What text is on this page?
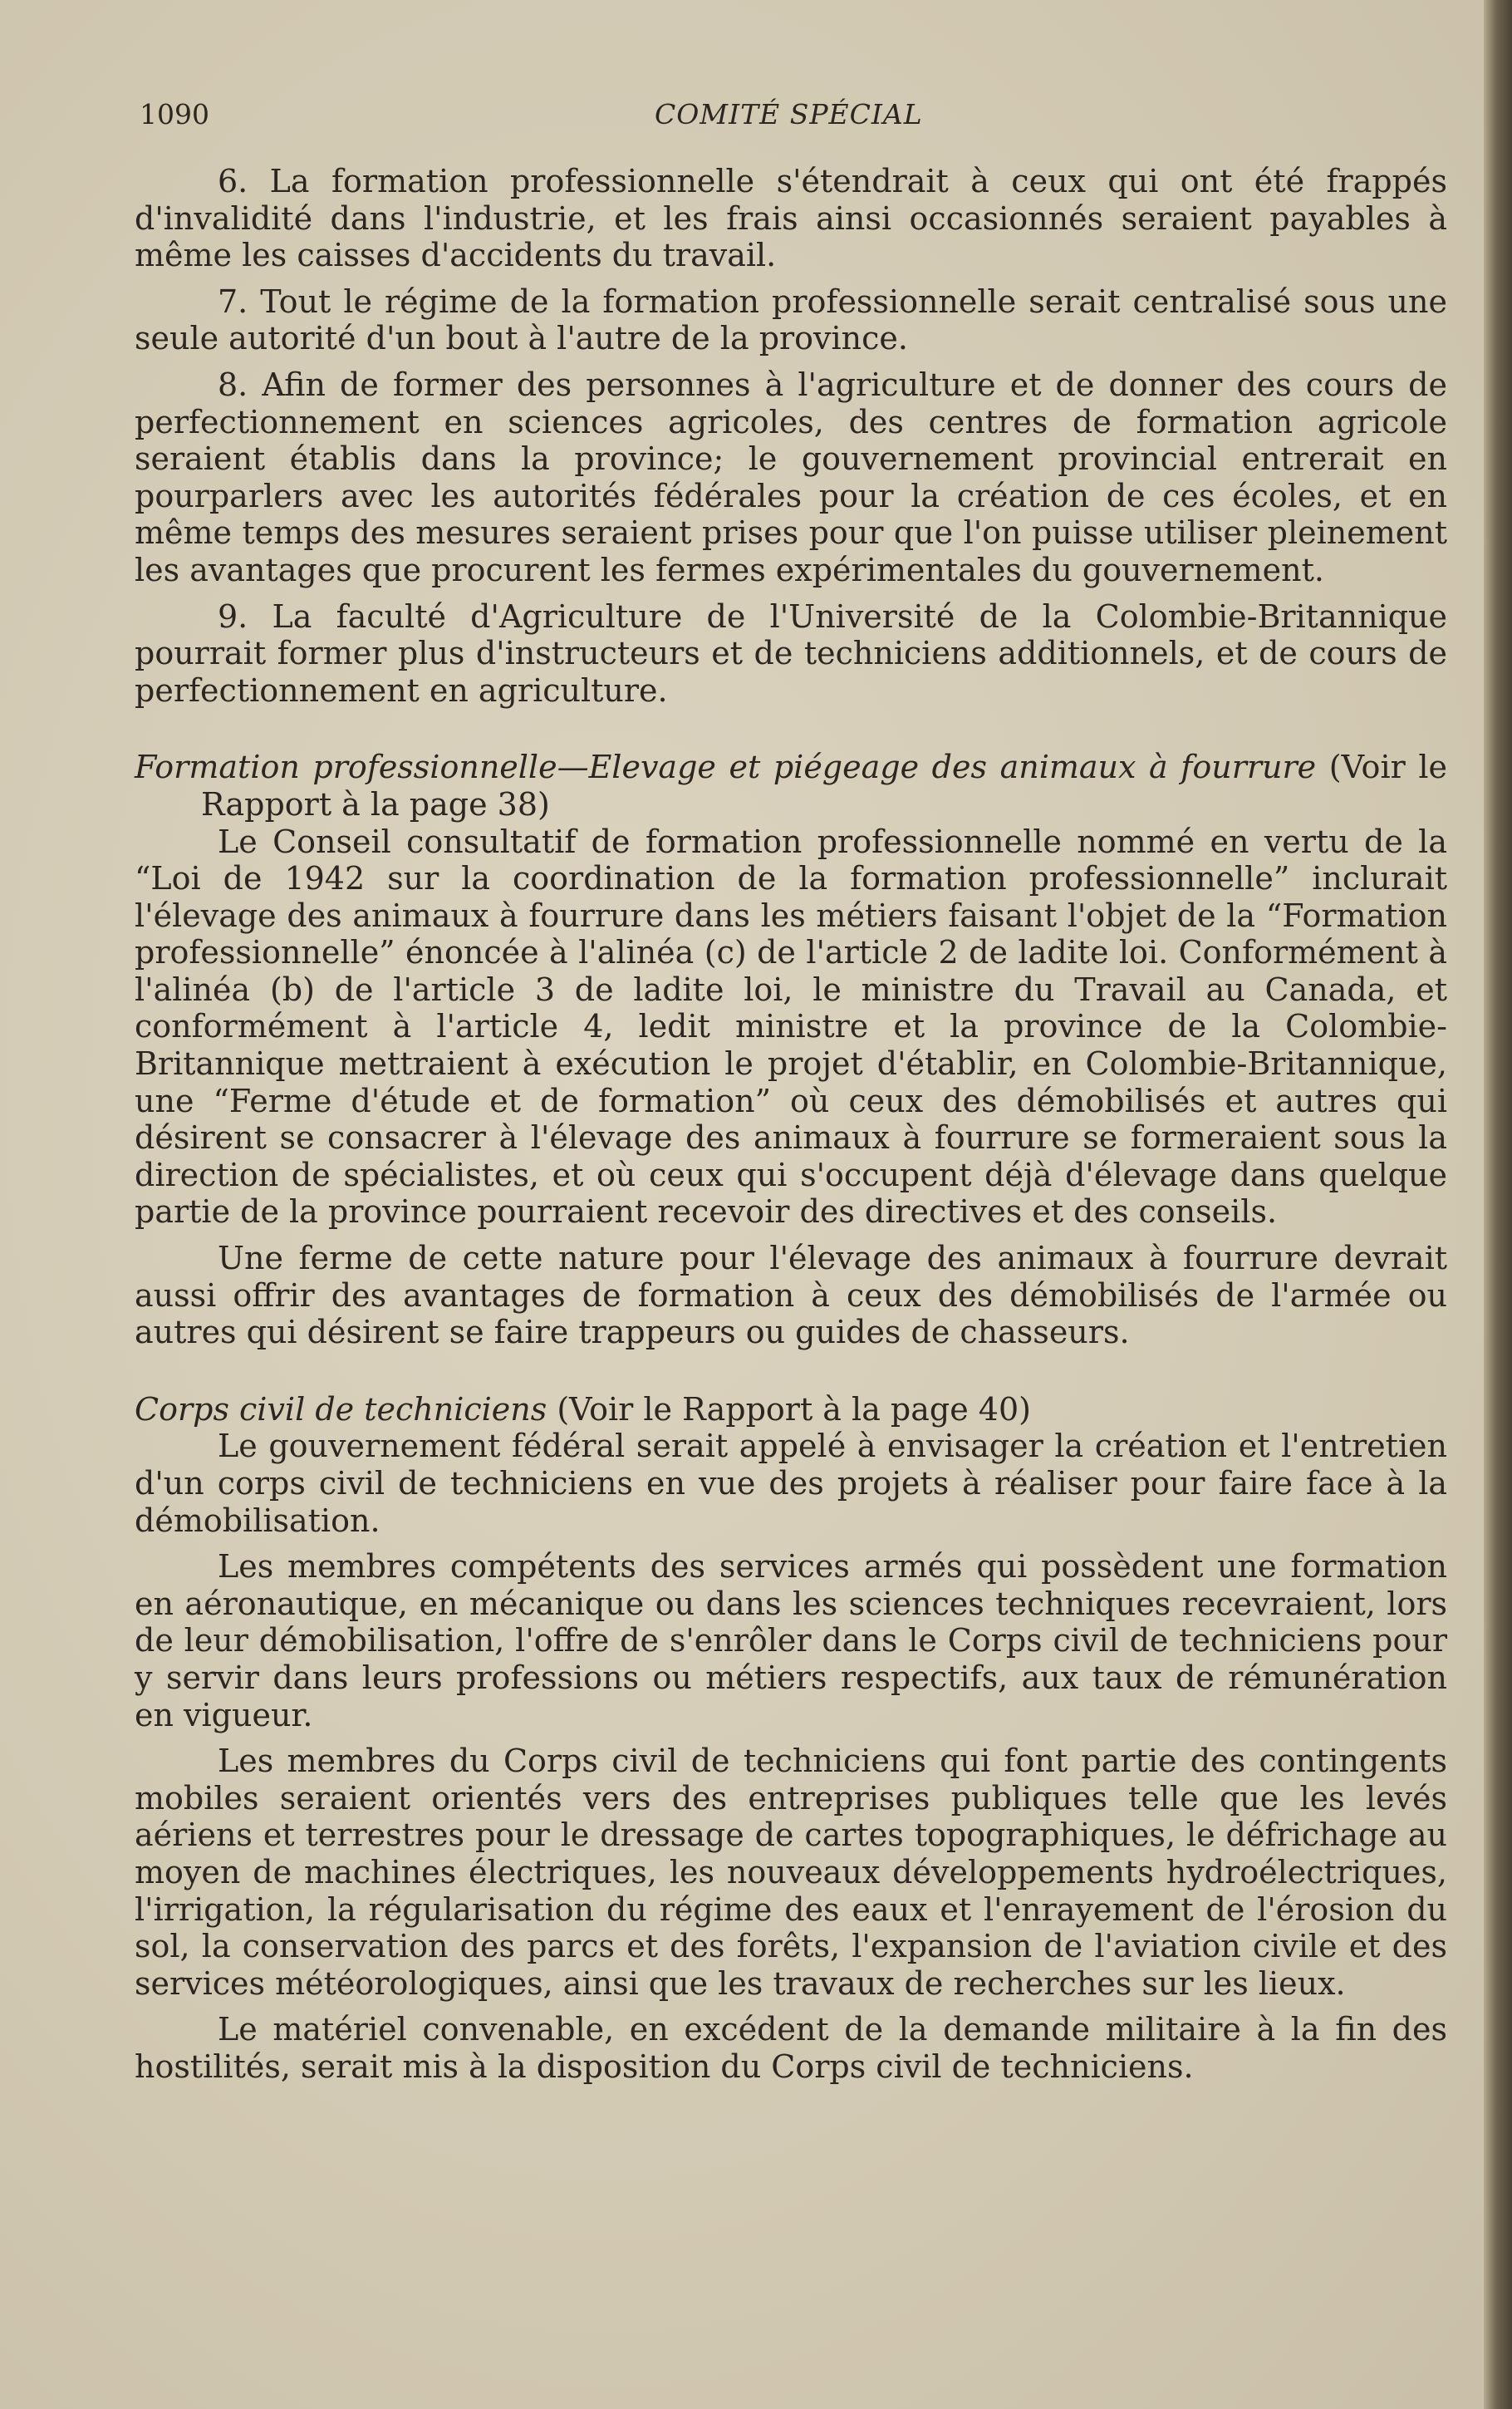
1090	COMITÉ SPÉCIAL

6. La formation professionnelle s'étendrait à ceux qui ont été frappés d'invalidité dans l'industrie, et les frais ainsi occasionnés seraient payables à même les caisses d'accidents du travail.

7. Tout le régime de la formation professionnelle serait centralisé sous une seule autorité d'un bout à l'autre de la province.

8. Afin de former des personnes à l'agriculture et de donner des cours de perfectionnement en sciences agricoles, des centres de formation agricole seraient établis dans la province; le gouvernement provincial entrerait en pourparlers avec les autorités fédérales pour la création de ces écoles, et en même temps des mesures seraient prises pour que l'on puisse utiliser pleinement les avantages que procurent les fermes expérimentales du gouvernement.

9. La faculté d'Agriculture de l'Université de la Colombie-Britannique pourrait former plus d'instructeurs et de techniciens additionnels, et de cours de perfectionnement en agriculture.

Formation professionnelle—Elevage et piégeage des animaux à fourrure (Voir le Rapport à la page 38)

Le Conseil consultatif de formation professionnelle nommé en vertu de la “Loi de 1942 sur la coordination de la formation professionnelle” inclurait l'élevage des animaux à fourrure dans les métiers faisant l'objet de la “Formation professionnelle” énoncée à l'alinéa (c) de l'article 2 de ladite loi. Conformément à l'alinéa (b) de l'article 3 de ladite loi, le ministre du Travail au Canada, et conformément à l'article 4, ledit ministre et la province de la Colombie-Britannique mettraient à exécution le projet d'établir, en Colombie-Britannique, une “Ferme d'étude et de formation” où ceux des démobilisés et autres qui désirent se consacrer à l'élevage des animaux à fourrure se formeraient sous la direction de spécialistes, et où ceux qui s'occupent déjà d'élevage dans quelque partie de la province pourraient recevoir des directives et des conseils.

Une ferme de cette nature pour l'élevage des animaux à fourrure devrait aussi offrir des avantages de formation à ceux des démobilisés de l'armée ou autres qui désirent se faire trappeurs ou guides de chasseurs.

Corps civil de techniciens (Voir le Rapport à la page 40)

Le gouvernement fédéral serait appelé à envisager la création et l'entretien d'un corps civil de techniciens en vue des projets à réaliser pour faire face à la démobilisation.

Les membres compétents des services armés qui possèdent une formation en aéronautique, en mécanique ou dans les sciences techniques recevraient, lors de leur démobilisation, l'offre de s'enrôler dans le Corps civil de techniciens pour y servir dans leurs professions ou métiers respectifs, aux taux de rémunération en vigueur.

Les membres du Corps civil de techniciens qui font partie des contingents mobiles seraient orientés vers des entreprises publiques telle que les levés aériens et terrestres pour le dressage de cartes topographiques, le défrichage au moyen de machines électriques, les nouveaux développements hydroélectriques, l'irrigation, la régularisation du régime des eaux et l'enrayement de l'érosion du sol, la conservation des parcs et des forêts, l'expansion de l'aviation civile et des services météorologiques, ainsi que les travaux de recherches sur les lieux.

Le matériel convenable, en excédent de la demande militaire à la fin des hostilités, serait mis à la disposition du Corps civil de techniciens.
